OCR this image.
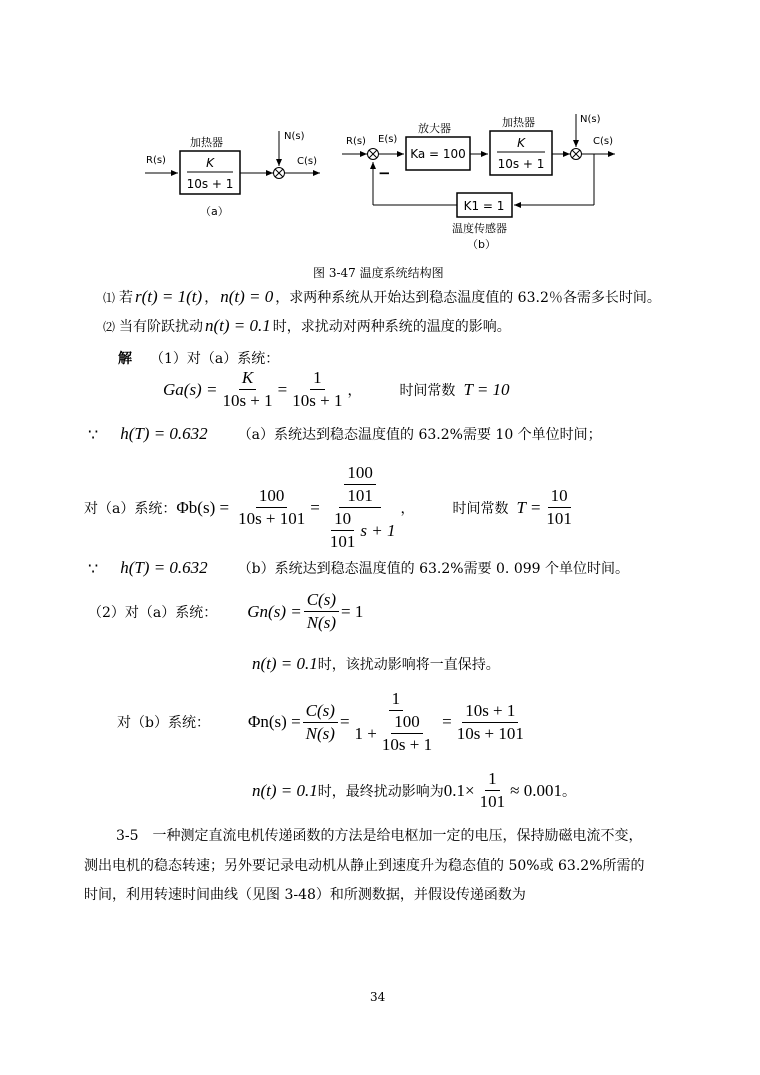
R(s)
加热器
K
10s + 1
N(s)
C(s)
（a）
R(s) E(s)
−
放大器
Ka = 100
加热器
K
10s + 1
N(s)
C(s)
K1 = 1
温度传感器
（b）
图 3-47 温度系统结构图
⑴ 若 r(t) = 1(t) ， n(t) = 0 ，求两种系统从开始达到稳态温度值的 63.2％各需多长时间。
⑵ 当有阶跃扰动 n(t) = 0.1 时，求扰动对两种系统的温度的影响。
解 （1）对（a）系统：
$Ga(s) = \frac{K}{10s + 1} = \frac{1}{10s + 1}$ ，	时间常数 T = 10
∵ h(T) = 0.632 （a）系统达到稳态温度值的 63.2%需要 10 个单位时间；
对（a）系统： $\Phi b(s) = \frac{100}{10s + 101} = \frac{\frac{100}{101}}{\frac{10}{101} s + 1}$ ，	时间常数 $T = \frac{10}{101}$
∵ h(T) = 0.632 （b）系统达到稳态温度值的 63.2%需要 0. 099 个单位时间。
（2）对（a）系统： $Gn(s) = \frac{C(s)}{N(s)} = 1$
n(t) = 0.1 时，该扰动影响将一直保持。
对（b）系统： $\Phi n(s) = \frac{C(s)}{N(s)} = \frac{1}{1 + \frac{100}{10s + 1}} = \frac{10s + 1}{10s + 101}$
n(t) = 0.1 时，最终扰动影响为 $0.1\times \frac{1}{101} \approx 0.001$ 。
3-5　一种测定直流电机传递函数的方法是给电枢加一定的电压，保持励磁电流不变，
测出电机的稳态转速；另外要记录电动机从静止到速度升为稳态值的 50%或 63.2%所需的
时间，利用转速时间曲线（见图 3-48）和所测数据，并假设传递函数为
34
